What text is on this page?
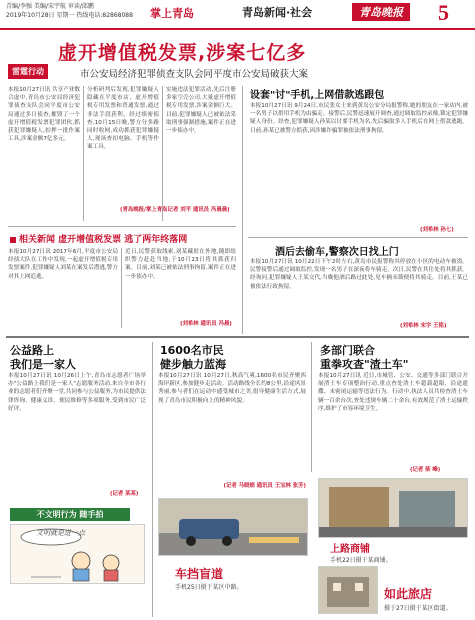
青编/李强 美编/宋宇航 审读/邱鹏
2019年10月28日 星期一 热线电话:82868088 掌上青岛	青岛新闻·社会	青岛晚报	5
虚开增值税发票,涉案七亿多
雷霆行动	市公安局经济犯罪侦查支队会同平度市公安局破获大案
本报10月27日讯 共享产业数合虚中,青岛市公安局经济犯罪侦查支队会同平度市公安局通过多日侦查,摧毁了一个虚开增值税发票犯罪团伙,抓获犯罪嫌疑人,扣押一批作案工具,涉案金额7亿多元。
分析研判后发现,犯罪嫌疑人隐藏在平度市店、虚开增值税专用发票和普通发票,通过非法手段获利。经过缜密侦查,10月15日晚,警方分多路同时收网,成功抓获犯罪嫌疑人,现场查扣电脑、手机等作案工具。
实施违法犯罪活动,先后注册多家空壳公司,大量虚开增值税专用发票,涉案金额巨大。目前,犯罪嫌疑人已被依法采取刑事强制措施,案件正在进一步侦办中。
(青岛晚报/掌上青岛记者 刘平 通讯员 冯晨晨)
相关新闻 虚开增值税发票 逃了两年终落网
本报10月27日讯 2017年6月,平度市公安局经侦大队在工作中发现,一起虚开增值税专用发票案件,犯罪嫌疑人刘某在案发后潜逃,警方对其上网追逃。
近日,民警获取线索,刘某藏匿在外地,随即组织警力赶赴当地,于10月23日将其抓获归案。目前,刘某已被依法刑事拘留,案件正在进一步侦办中。
(刘希林 通讯员 冯晨)
设套"讨"手机,上网借款逃跟包
本报10月27日讯 9月24日,市民张女士来到黄岛公安分局报警称,她的朋友在一家店内,被一名男子以借用手机为由骗走。接警后,民警迅速展开调查,通过调取监控录像,锁定犯罪嫌疑人身份。经查,犯罪嫌疑人孙某以讨要手机为名,先后骗取多人手机后在网上借款逃跑。日前,孙某已被警方抓获,因涉嫌诈骗罪被依法刑事拘留。
(刘希林 孙七)
酒后去偷车,警察次日找上门
本报10月27日讯 10月22日下午2时左右,黄岛市民报警称其停放在小区的电动车被盗。民警接警后通过调取监控,发现一名男子在深夜将车骑走。次日,民警在其住处将其抓获。经询问,犯罪嫌疑人王某交代,当晚他酒后路过此处,见车辆未锁便将其骑走。目前,王某已被依法行政拘留。
(刘希林 宋字 王铭)
公益路上
我们是一家人
本报10月27日讯 10月26日上午,青岛市志愿者广场举办"公益路上我们是一家人"志愿服务活动,来自全市各行业的志愿者们齐聚一堂,共同参与公益服务,为市民提供法律咨询、健康义诊、便民维修等多项服务,受到市民广泛好评。
(记者 某某)
1600名市民
健步触力蓝海
本报10月27日讯 10月27日,秋高气爽,1600名市民齐聚西海岸新区,参加健步走活动。活动路线全长约8公里,沿途风景秀丽,参与者们在运动中感受城市之美,倡导健康生活方式,展现了青岛市民积极向上的精神风貌。
(记者 马晓娟 通讯员 王宝林 张芳)
多部门联合
重拳攻查"渣土车"
本报10月27日讯 近日,市城管、公安、交通等多部门联合开展渣土车专项整治行动,重点查处渣土车超载超限、沿途遗撒、未密闭运输等违法行为。行动中,执法人员共检查渣土车辆一百余台次,查处违规车辆二十余台,有效规范了渣土运输秩序,维护了市容环境卫生。
(记者 柴 峰)
不文明行为 随手拍
文明就是进一点
车挡盲道
手机25日摄于某区中路。
上路商铺
手机22日摄于某商铺。
如此旅店
摄于27日摄于某区街道。
